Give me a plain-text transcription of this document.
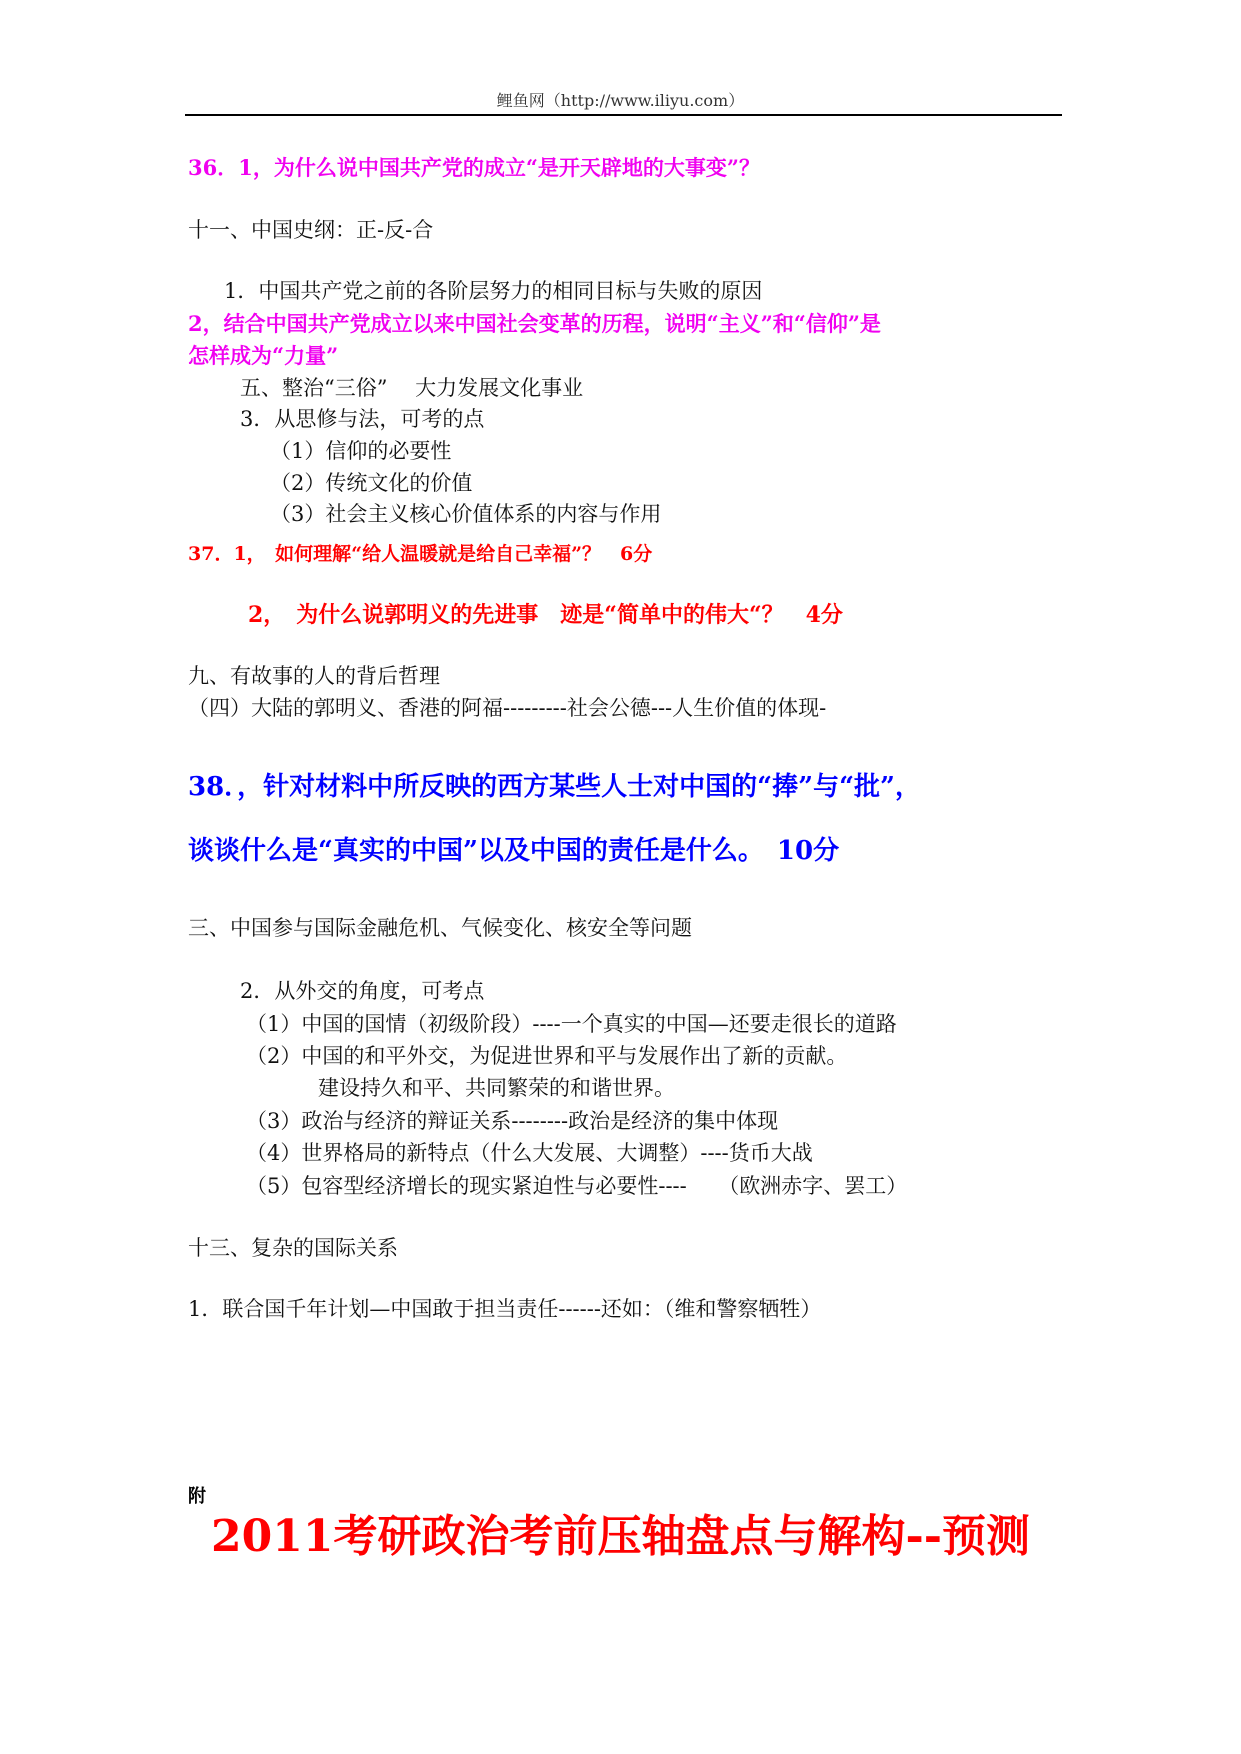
鲤鱼网（http://www.iliyu.com）
36．1，为什么说中国共产党的成立“是开天辟地的大事变”？
十一、中国史纲：正-反-合
1．中国共产党之前的各阶层努力的相同目标与失败的原因
2，结合中国共产党成立以来中国社会变革的历程，说明“主义”和“信仰”是
怎样成为“力量”
五、整治“三俗”　 大力发展文化事业
3．从思修与法，可考的点
（1）信仰的必要性
（2）传统文化的价值
（3）社会主义核心价值体系的内容与作用
37．1，　如何理解“给人温暖就是给自己幸福”？　6分
2，　为什么说郭明义的先进事　迹是“简单中的伟大“？　4分
九、有故事的人的背后哲理
（四）大陆的郭明义、香港的阿福---------社会公德---人生价值的体现-
38．，针对材料中所反映的西方某些人士对中国的“捧”与“批”，
谈谈什么是“真实的中国”以及中国的责任是什么。　10分
三、中国参与国际金融危机、气候变化、核安全等问题
2．从外交的角度，可考点
（1）中国的国情（初级阶段）----一个真实的中国—还要走很长的道路
（2）中国的和平外交，为促进世界和平与发展作出了新的贡献。
建设持久和平、共同繁荣的和谐世界。
（3）政治与经济的辩证关系--------政治是经济的集中体现
（4）世界格局的新特点（什么大发展、大调整）----货币大战
（5）包容型经济增长的现实紧迫性与必要性----　　（欧洲赤字、罢工）
十三、复杂的国际关系
1．联合国千年计划—中国敢于担当责任------还如：（维和警察牺牲）
附
2011考研政治考前压轴盘点与解构--预测
